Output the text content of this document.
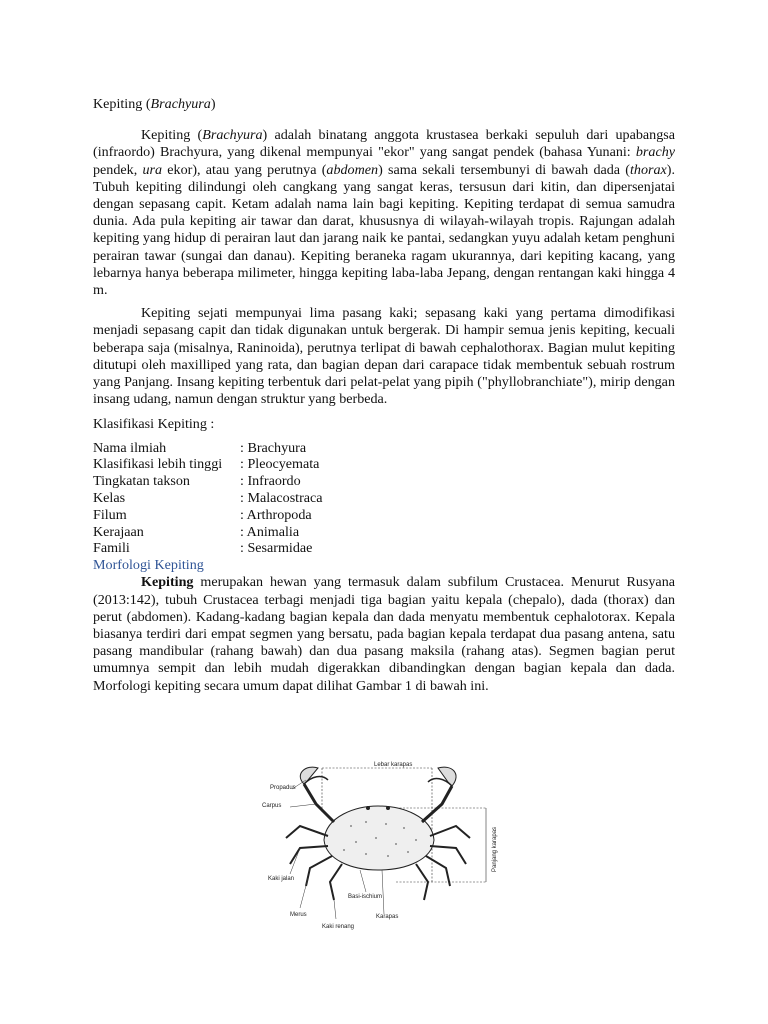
Kepiting (Brachyura)

Kepiting (Brachyura) adalah binatang anggota krustasea berkaki sepuluh dari upabangsa (infraordo) Brachyura, yang dikenal mempunyai "ekor" yang sangat pendek (bahasa Yunani: brachy pendek, ura ekor), atau yang perutnya (abdomen) sama sekali tersembunyi di bawah dada (thorax). Tubuh kepiting dilindungi oleh cangkang yang sangat keras, tersusun dari kitin, dan dipersenjatai dengan sepasang capit. Ketam adalah nama lain bagi kepiting. Kepiting terdapat di semua samudra dunia. Ada pula kepiting air tawar dan darat, khususnya di wilayah-wilayah tropis. Rajungan adalah kepiting yang hidup di perairan laut dan jarang naik ke pantai, sedangkan yuyu adalah ketam penghuni perairan tawar (sungai dan danau). Kepiting beraneka ragam ukurannya, dari kepiting kacang, yang lebarnya hanya beberapa milimeter, hingga kepiting laba-laba Jepang, dengan rentangan kaki hingga 4 m.

Kepiting sejati mempunyai lima pasang kaki; sepasang kaki yang pertama dimodifikasi menjadi sepasang capit dan tidak digunakan untuk bergerak. Di hampir semua jenis kepiting, kecuali beberapa saja (misalnya, Raninoida), perutnya terlipat di bawah cephalothorax. Bagian mulut kepiting ditutupi oleh maxilliped yang rata, dan bagian depan dari carapace tidak membentuk sebuah rostrum yang Panjang. Insang kepiting terbentuk dari pelat-pelat yang pipih ("phyllobranchiate"), mirip dengan insang udang, namun dengan struktur yang berbeda.

Klasifikasi Kepiting :

Nama ilmiah	: Brachyura
Klasifikasi lebih tinggi	: Pleocyemata
Tingkatan takson	: Infraordo
Kelas	: Malacostraca
Filum	: Arthropoda
Kerajaan	: Animalia
Famili	: Sesarmidae

Morfologi Kepiting

Kepiting merupakan hewan yang termasuk dalam subfilum Crustacea. Menurut Rusyana (2013:142), tubuh Crustacea terbagi menjadi tiga bagian yaitu kepala (chepalo), dada (thorax) dan perut (abdomen). Kadang-kadang bagian kepala dan dada menyatu membentuk cephalotorax. Kepala biasanya terdiri dari empat segmen yang bersatu, pada bagian kepala terdapat dua pasang antena, satu pasang mandibular (rahang bawah) dan dua pasang maksila (rahang atas). Segmen bagian perut umumnya sempit dan lebih mudah digerakkan dibandingkan dengan bagian kepala dan dada. Morfologi kepiting secara umum dapat dilihat Gambar 1 di bawah ini.

Lebar karapas
Propadus
Carpus
Panjang karapas
Kaki jalan
Basi-ischium
Merus	Karapas
Kaki renang
